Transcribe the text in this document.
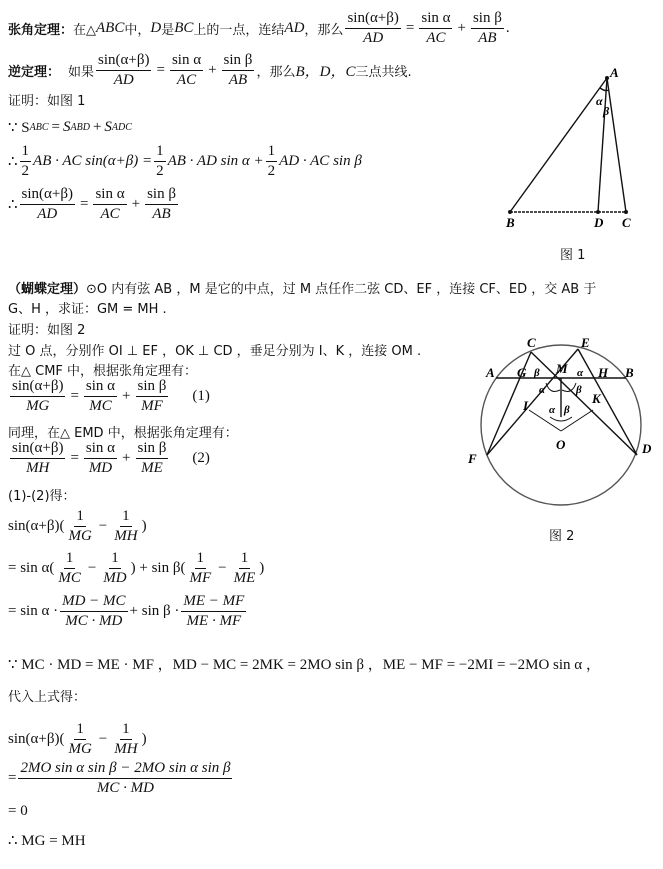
张角定理： 在△ ABC 中， D 是 BC 上的一点，连结 AD ，那么 $\frac{\sin(\alpha+\beta)}{AD} = \frac{\text{sin α}}{AC} + \frac{\text{sin β}}{AB}$ .
逆定理： 如果 $\frac{\sin(\alpha+\beta)}{AD} = \frac{\text{sin α}}{AC} + \frac{\text{sin β}}{AB}$ ，那么 B，D，C 三点共线.
证明：如图 1
∵ S ABC = S ABD + S ADC
∴ $\frac{1}{2}$ AB · AC $\sin(\alpha+\beta) = \frac{1}{2}$ AB · AD $\sin \alpha + \frac{1}{2}$ AD · AC sin β
∴ $\frac{\sin(\alpha+\beta)}{AD} = \frac{\text{sin α}}{AC} + \frac{\text{sin β}}{AB}$
A
B	D C
α
β
图 1
（蝴蝶定理） ⊙O 内有弦 AB ，M 是它的中点，过 M 点任作二弦 CD、EF ，连接 CF、ED ，交 AB 于
G、H ，求证：GM = MH .
证明：如图 2
过 O 点，分别作 OI ⊥ EF ，OK ⊥ CD ，垂足分别为 I、K ，连接 OM .
在△ CMF 中，根据张角定理有：
$\frac{\sin(\alpha+\beta)}{MG} = \frac{\text{sin α}}{MC} + \frac{\text{sin β}}{MF} (1)$
同理，在△ EMD 中，根据张角定理有：
$\frac{\sin(\alpha+\beta)}{MH} = \frac{\text{sin α}}{MD} + \frac{\text{sin β}}{ME} (2)$
(1)-(2)得：
$\sin(\alpha+\beta)( \frac{1}{MG} - \frac{1}{MH}$ )
= $\sin \alpha( \frac{1}{MC} - \frac{1}{MD}$ ) + $\sin \beta( \frac{1}{MF} - \frac{1}{ME}$ )
= $\sin \alpha \cdot \frac{MD - MC}{MC \cdot MD} + \sin \beta \cdot \frac{ME - MF}{ME \cdot MF}$
∵ MC · MD = ME · MF ，MD − MC = 2MK = 2MO sin β ，ME − MF = −2MI = −2MO sin α ，
代入上式得：
$\sin(\alpha+\beta)( \frac{1}{MG} - \frac{1}{MH}$ )
= $\frac{\text{2MO sin α sin β − 2MO sin α sin β}}{MC \cdot MD}$
= 0
∴ MG = MH
C	E
A	B
G	H
M
I	K
O
F
D
β	α
α	β
α β
图 2
